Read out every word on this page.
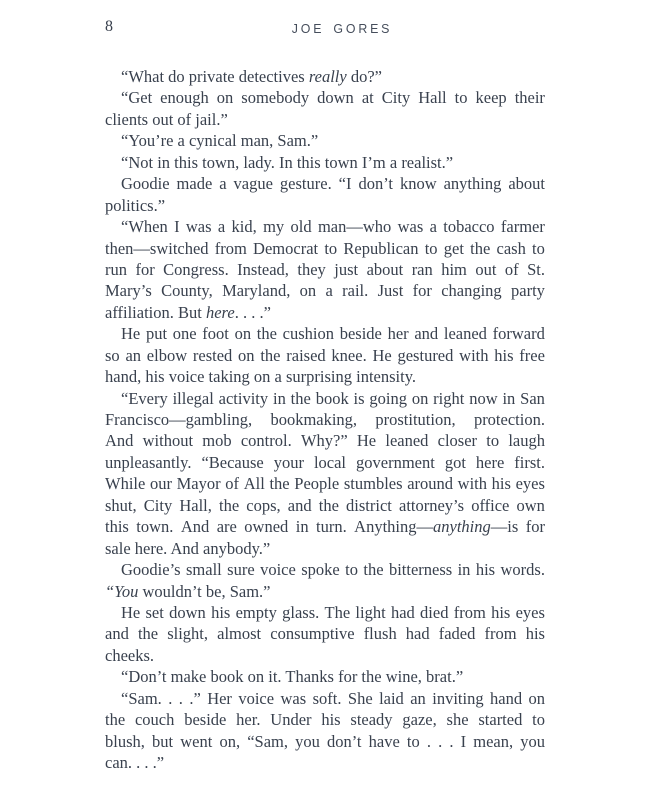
8	JOE GORES
“What do private detectives really do?”
“Get enough on somebody down at City Hall to keep their
clients out of jail.”
“You’re a cynical man, Sam.”
“Not in this town, lady. In this town I’m a realist.”
Goodie made a vague gesture. “I don’t know anything about
politics.”
“When I was a kid, my old man—who was a tobacco farmer
then—switched from Democrat to Republican to get the cash to
run for Congress. Instead, they just about ran him out of St.
Mary’s County, Maryland, on a rail. Just for changing party
affiliation. But here. . . .”
He put one foot on the cushion beside her and leaned forward
so an elbow rested on the raised knee. He gestured with his free
hand, his voice taking on a surprising intensity.
“Every illegal activity in the book is going on right now in San
Francisco—gambling, bookmaking, prostitution, protection.
And without mob control. Why?” He leaned closer to laugh
unpleasantly. “Because your local government got here first.
While our Mayor of All the People stumbles around with his eyes
shut, City Hall, the cops, and the district attorney’s office own
this town. And are owned in turn. Anything—anything—is for
sale here. And anybody.”
Goodie’s small sure voice spoke to the bitterness in his words.
“You wouldn’t be, Sam.”
He set down his empty glass. The light had died from his eyes
and the slight, almost consumptive flush had faded from his
cheeks.
“Don’t make book on it. Thanks for the wine, brat.”
“Sam. . . .” Her voice was soft. She laid an inviting hand on
the couch beside her. Under his steady gaze, she started to
blush, but went on, “Sam, you don’t have to . . . I mean, you
can. . . .”
